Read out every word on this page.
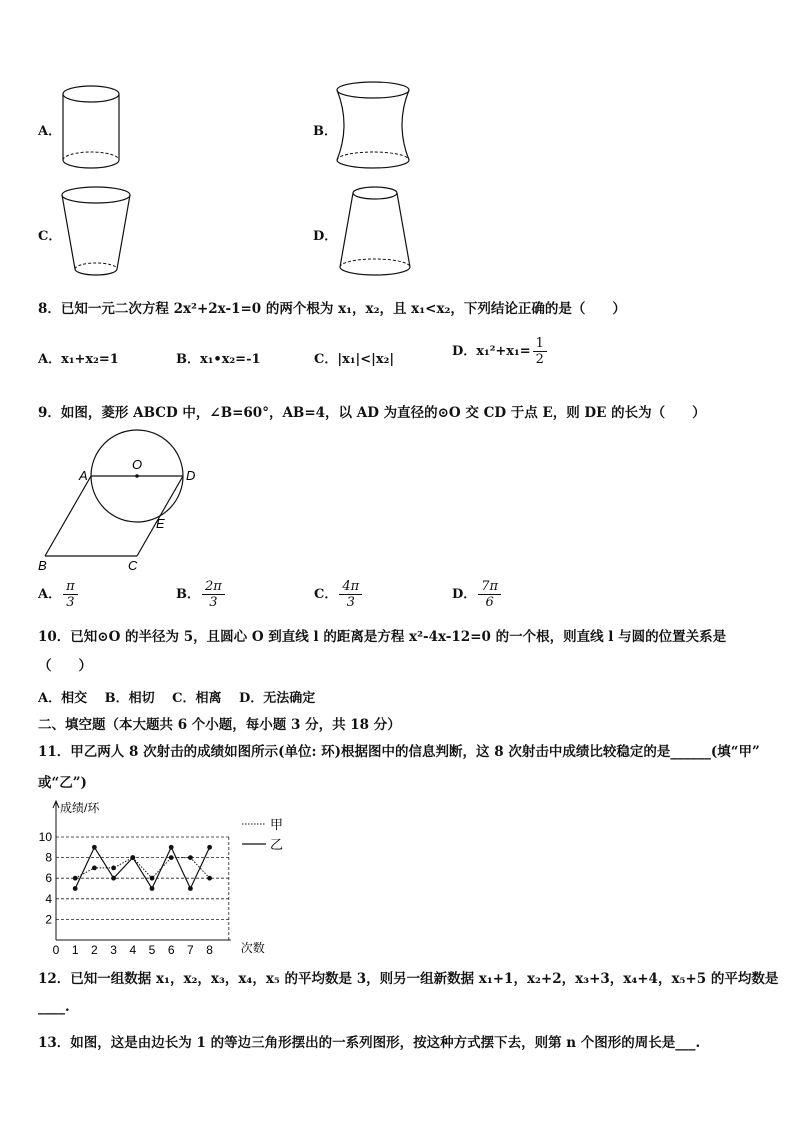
A．	B．
C．	D．
8．已知一元二次方程 2x²+2x-1=0 的两个根为 x₁，x₂，且 x₁<x₂，下列结论正确的是（　　）
A．x₁+x₂=1	B．x₁•x₂=-1	C．|x₁|<|x₂|
D．$x_1^2+x_1= \frac{1}{2}$
9．如图，菱形 ABCD 中，∠B=60°，AB=4，以 AD 为直径的⊙O 交 CD 于点 E，则 DE 的长为（　　）
A
O
D
E
B	C
A． $\frac{\pi}{3}$	B． $\frac{2\pi}{3}$	C． $\frac{4\pi}{3}$	D． $\frac{7\pi}{6}$
10．已知⊙O 的半径为 5，且圆心 O 到直线 l 的距离是方程 x²-4x-12=0 的一个根，则直线 l 与圆的位置关系是
（　　）
A．相交　 B．相切　 C．相离　 D．无法确定
二、填空题（本大题共 6 个小题，每小题 3 分，共 18 分）
11．甲乙两人 8 次射击的成绩如图所示(单位: 环)根据图中的信息判断，这 8 次射击中成绩比较稳定的是______(填“甲”
或“乙”)
成绩/环
次数
2
4
6
8
10
0 1 2 3 4 5 6 7 8
甲
乙
12．已知一组数据 x₁，x₂，x₃，x₄，x₅ 的平均数是 3，则另一组新数据 x₁+1，x₂+2，x₃+3，x₄+4，x₅+5 的平均数是
____.
13．如图，这是由边长为 1 的等边三角形摆出的一系列图形，按这种方式摆下去，则第 n 个图形的周长是___.
